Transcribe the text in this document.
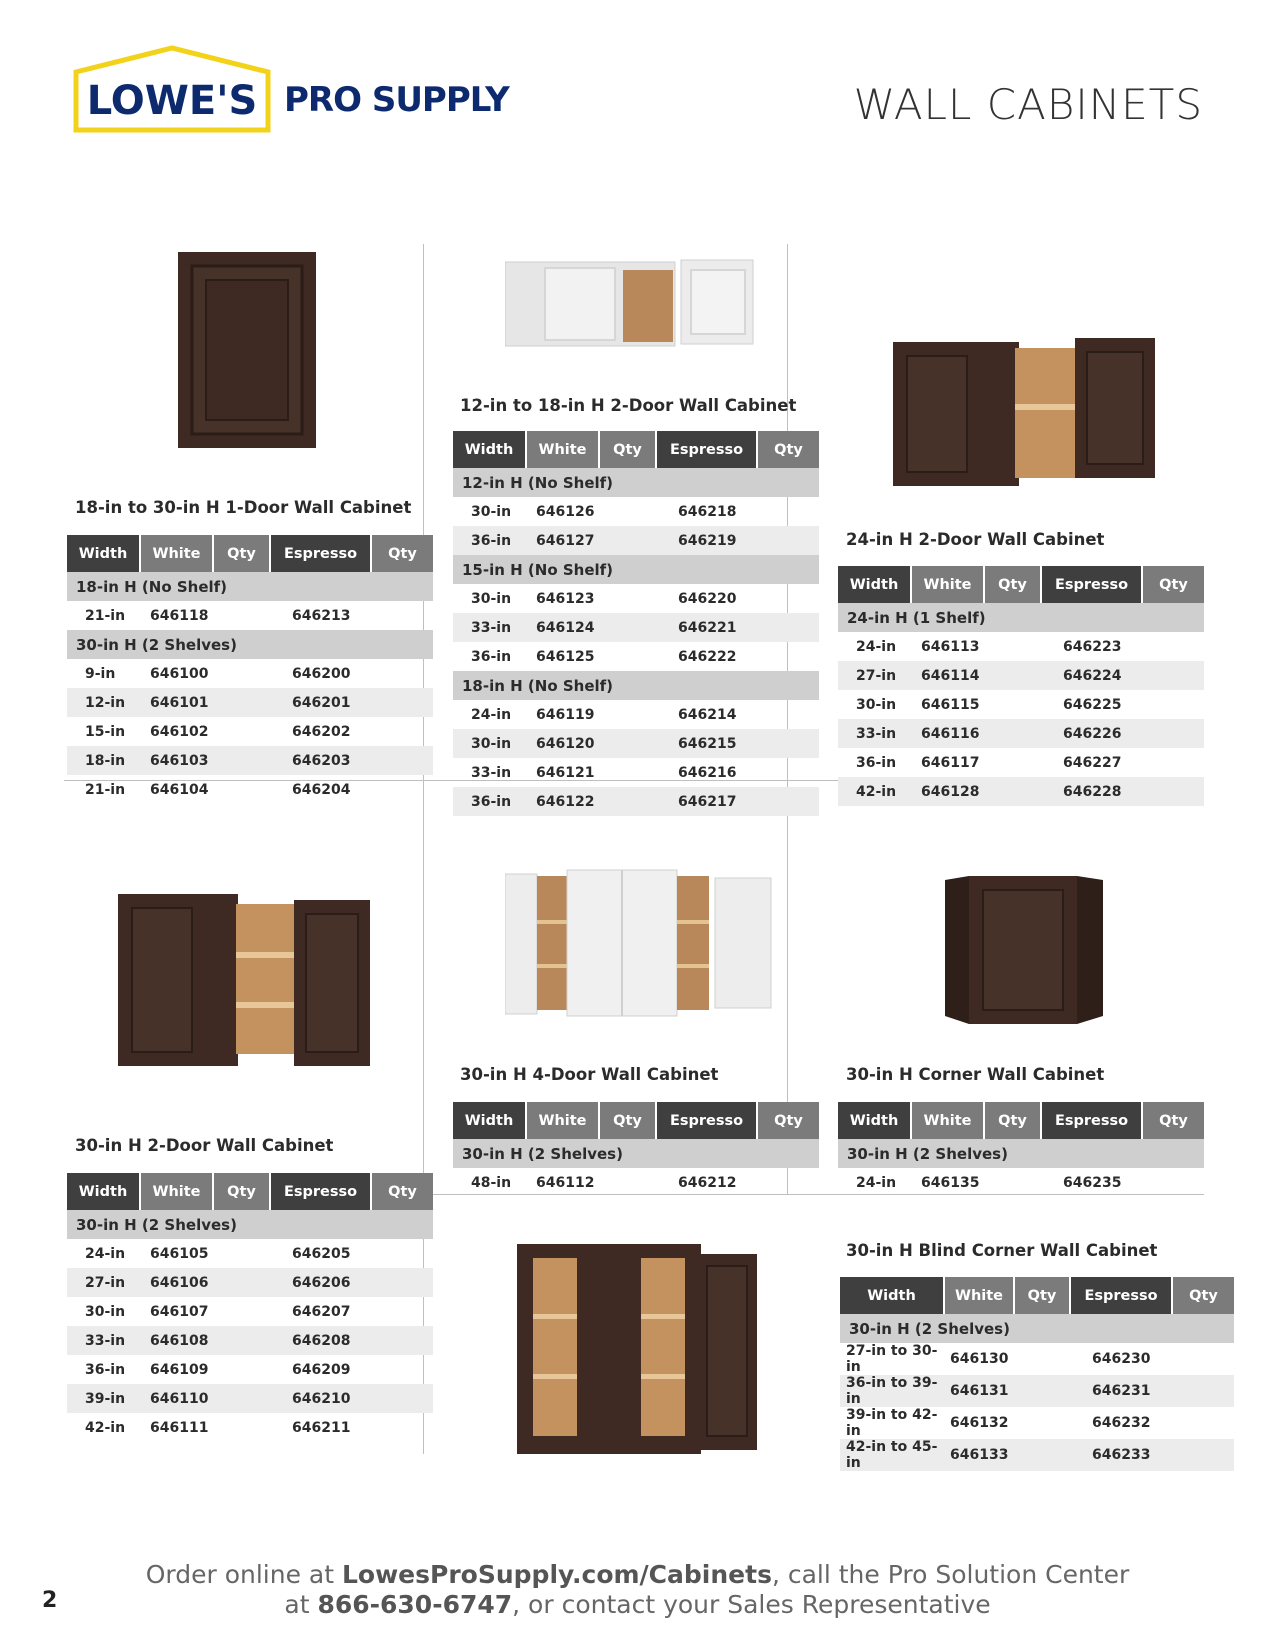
LOWE'S PRO SUPPLY	WALL CABINETS
18-in to 30-in H 1-Door Wall Cabinet
Width	White	Qty	Espresso	Qty
18-in H (No Shelf)				
21-in	646118		646213	
30-in H (2 Shelves)				
9-in	646100		646200	
12-in	646101		646201	
15-in	646102		646202	
18-in	646103		646203	
21-in	646104		646204	
12-in to 18-in H 2-Door Wall Cabinet
Width	White	Qty	Espresso	Qty
12-in H (No Shelf)				
30-in	646126		646218	
36-in	646127		646219	
15-in H (No Shelf)				
30-in	646123		646220	
33-in	646124		646221	
36-in	646125		646222	
18-in H (No Shelf)				
24-in	646119		646214	
30-in	646120		646215	
33-in	646121		646216	
36-in	646122		646217	
24-in H 2-Door Wall Cabinet
Width	White	Qty	Espresso	Qty
24-in H (1 Shelf)				
24-in	646113		646223	
27-in	646114		646224	
30-in	646115		646225	
33-in	646116		646226	
36-in	646117		646227	
42-in	646128		646228	
30-in H 2-Door Wall Cabinet
Width	White	Qty	Espresso	Qty
30-in H (2 Shelves)				
24-in	646105		646205	
27-in	646106		646206	
30-in	646107		646207	
33-in	646108		646208	
36-in	646109		646209	
39-in	646110		646210	
42-in	646111		646211	
30-in H 4-Door Wall Cabinet
Width	White	Qty	Espresso	Qty
30-in H (2 Shelves)				
48-in	646112		646212	
30-in H Corner Wall Cabinet
Width	White	Qty	Espresso	Qty
30-in H (2 Shelves)				
24-in	646135		646235	
30-in H Blind Corner Wall Cabinet
Width	White	Qty	Espresso	Qty
30-in H (2 Shelves)				
27-in to 30-in	646130		646230	
36-in to 39-in	646131		646231	
39-in to 42-in	646132		646232	
42-in to 45-in	646133		646233	
Order online at LowesProSupply.com/Cabinets, call the Pro Solution Center
at 866-630-6747, or contact your Sales Representative
2
